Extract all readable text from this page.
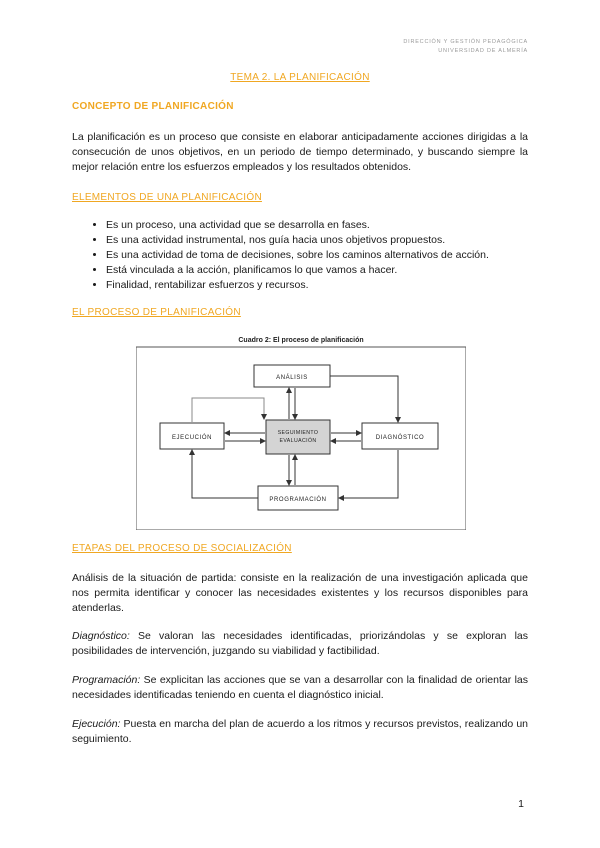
DIRECCIÓN Y GESTIÓN PEDAGÓGICA
UNIVERSIDAD DE ALMERÍA
TEMA 2. LA PLANIFICACIÓN
CONCEPTO DE PLANIFICACIÓN
La planificación es un proceso que consiste en elaborar anticipadamente acciones dirigidas a la consecución de unos objetivos, en un periodo de tiempo determinado, y buscando siempre la mejor relación entre los esfuerzos empleados y los resultados obtenidos.
ELEMENTOS DE UNA PLANIFICACIÓN
• Es un proceso, una actividad que se desarrolla en fases.
• Es una actividad instrumental, nos guía hacia unos objetivos propuestos.
• Es una actividad de toma de decisiones, sobre los caminos alternativos de acción.
• Está vinculada a la acción, planificamos lo que vamos a hacer.
• Finalidad, rentabilizar esfuerzos y recursos.
EL PROCESO DE PLANIFICACIÓN
Cuadro 2: El proceso de planificación
ANÁLISIS
EJECUCIÓN
SEGUIMIENTO
EVALUACIÓN	DIAGNÓSTICO
PROGRAMACIÓN
ETAPAS DEL PROCESO DE SOCIALIZACIÓN
Análisis de la situación de partida: consiste en la realización de una investigación aplicada que nos permita identificar y conocer las necesidades existentes y los recursos disponibles para atenderlas.
Diagnóstico: Se valoran las necesidades identificadas, priorizándolas y se exploran las posibilidades de intervención, juzgando su viabilidad y factibilidad.
Programación: Se explicitan las acciones que se van a desarrollar con la finalidad de orientar las necesidades identificadas teniendo en cuenta el diagnóstico inicial.
Ejecución: Puesta en marcha del plan de acuerdo a los ritmos y recursos previstos, realizando un seguimiento.
1
